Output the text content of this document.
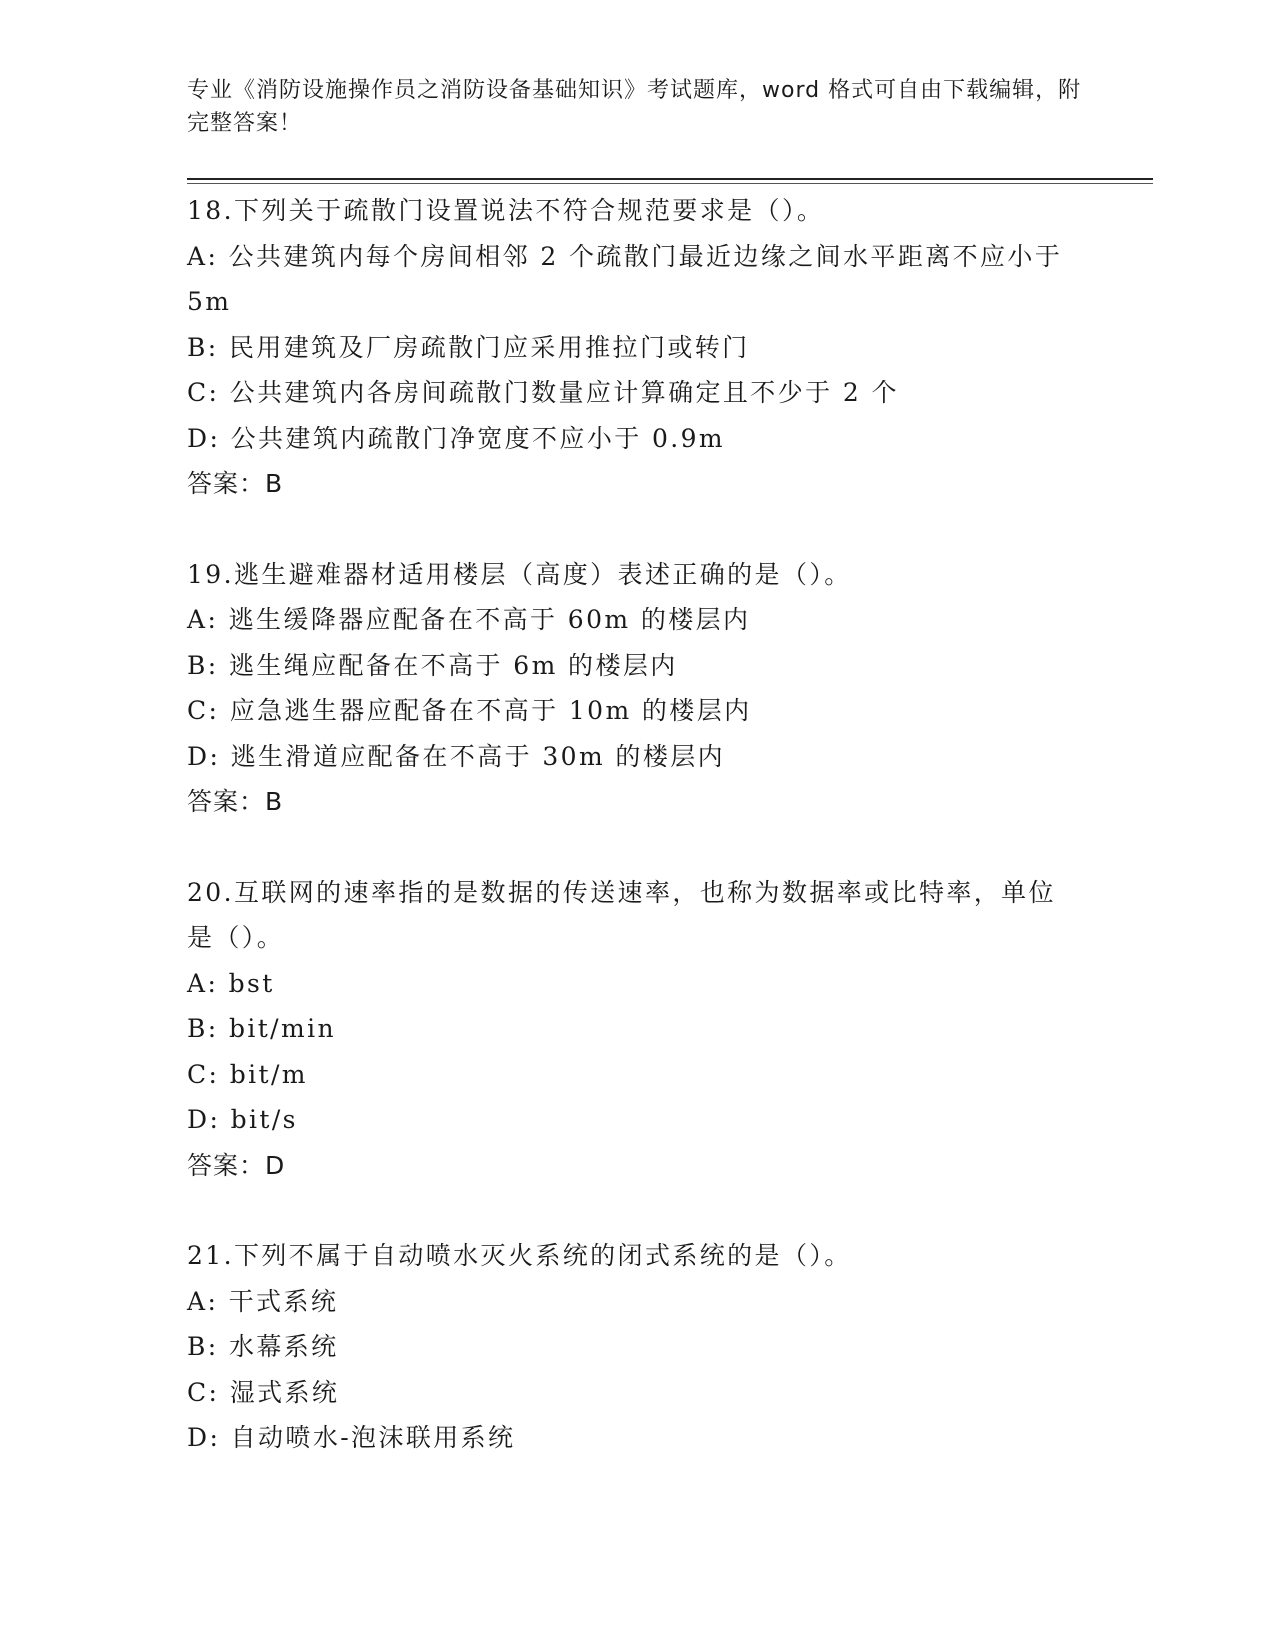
专业《消防设施操作员之消防设备基础知识》考试题库，word 格式可自由下载编辑，附完整答案！
18.下列关于疏散门设置说法不符合规范要求是（）。
A: 公共建筑内每个房间相邻 2 个疏散门最近边缘之间水平距离不应小于 5m
B: 民用建筑及厂房疏散门应采用推拉门或转门
C: 公共建筑内各房间疏散门数量应计算确定且不少于 2 个
D: 公共建筑内疏散门净宽度不应小于 0.9m
答案：B
19.逃生避难器材适用楼层（高度）表述正确的是（）。
A: 逃生缓降器应配备在不高于 60m 的楼层内
B: 逃生绳应配备在不高于 6m 的楼层内
C: 应急逃生器应配备在不高于 10m 的楼层内
D: 逃生滑道应配备在不高于 30m 的楼层内
答案：B
20.互联网的速率指的是数据的传送速率，也称为数据率或比特率，单位是（）。
A: bst
B: bit/min
C: bit/m
D: bit/s
答案：D
21.下列不属于自动喷水灭火系统的闭式系统的是（）。
A: 干式系统
B: 水幕系统
C: 湿式系统
D: 自动喷水-泡沫联用系统
